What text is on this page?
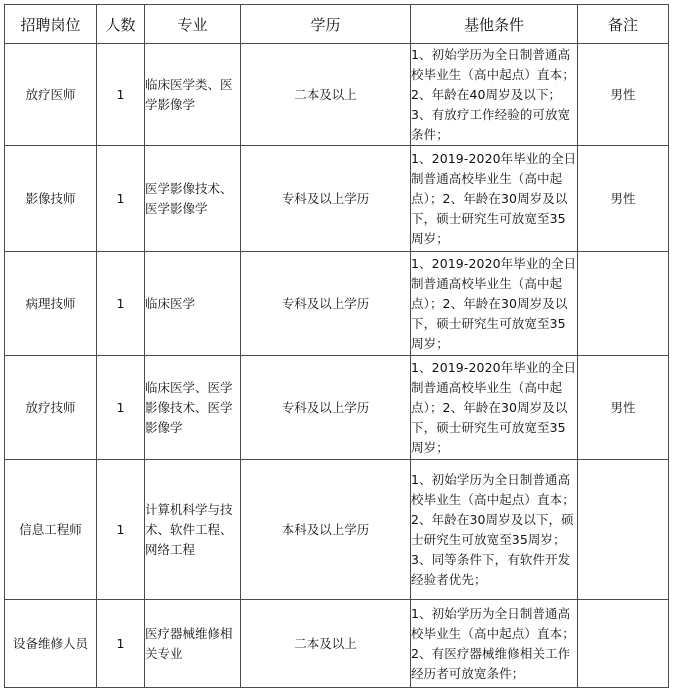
招聘岗位	人数	专业	学历	基他条件	备注
放疗医师	1	临床医学类、医学影像学	二本及以上	1、初始学历为全日制普通高校毕业生（高中起点）直本；2、年龄在40周岁及以下；3、有放疗工作经验的可放宽条件；	男性
影像技师	1	医学影像技术、医学影像学	专科及以上学历	1、2019-2020年毕业的全日制普通高校毕业生（高中起点）；2、年龄在30周岁及以下，硕士研究生可放宽至35周岁；	男性
病理技师	1	临床医学	专科及以上学历	1、2019-2020年毕业的全日制普通高校毕业生（高中起点）；2、年龄在30周岁及以下，硕士研究生可放宽至35周岁；	

放疗技师	1	临床医学、医学影像技术、医学影像学	专科及以上学历	1、2019-2020年毕业的全日制普通高校毕业生（高中起点）；2、年龄在30周岁及以下，硕士研究生可放宽至35周岁；	男性
信息工程师	1	计算机科学与技术、软件工程、网络工程	本科及以上学历	1、初始学历为全日制普通高校毕业生（高中起点）直本；2、年龄在30周岁及以下，硕士研究生可放宽至35周岁；3、同等条件下，有软件开发经验者优先；	

设备维修人员	1	医疗器械维修相关专业	二本及以上	1、初始学历为全日制普通高校毕业生（高中起点）直本；2、有医疗器械维修相关工作经历者可放宽条件；	
